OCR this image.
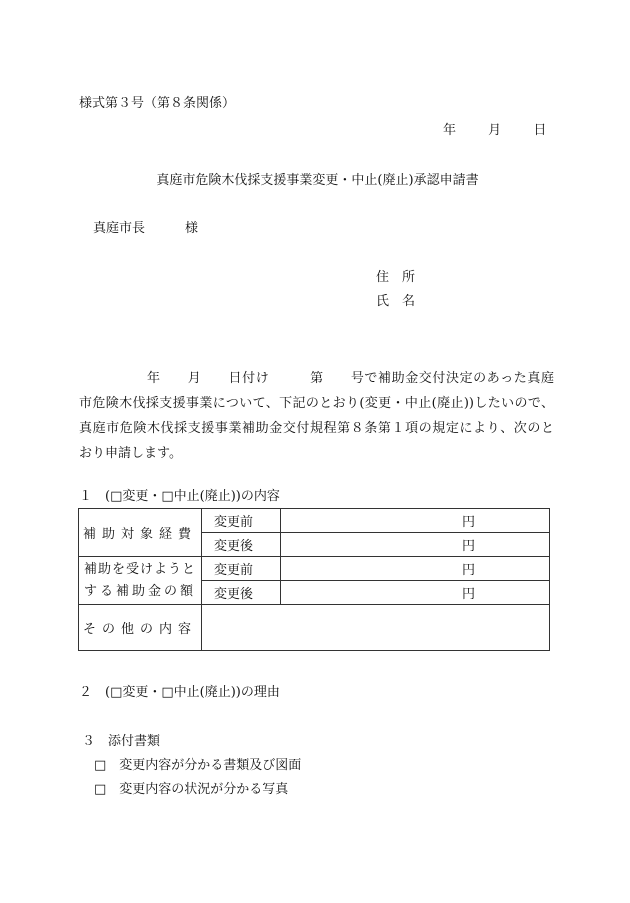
様式第３号（第８条関係）
年 月 日
真庭市危険木伐採支援事業変更・中止(廃止)承認申請書
真庭市長	様
住　所
氏　名

　　　　　年　　月　　日付け　　　第　　号で補助金交付決定のあった真庭

市危険木伐採支援事業について、下記のとおり(変更・中止(廃止))したいので、

真庭市危険木伐採支援事業補助金交付規程第８条第１項の規定により、次のと

おり申請します。

１　(□変更・□中止(廃止))の内容
補助対象経費	変更前	円
	変更後	円

補助を受けようと
する補助金の額	変更前	円
	変更後	円
その他の内容		
２　(□変更・□中止(廃止))の理由
３　添付書類
□　変更内容が分かる書類及び図面
□　変更内容の状況が分かる写真
